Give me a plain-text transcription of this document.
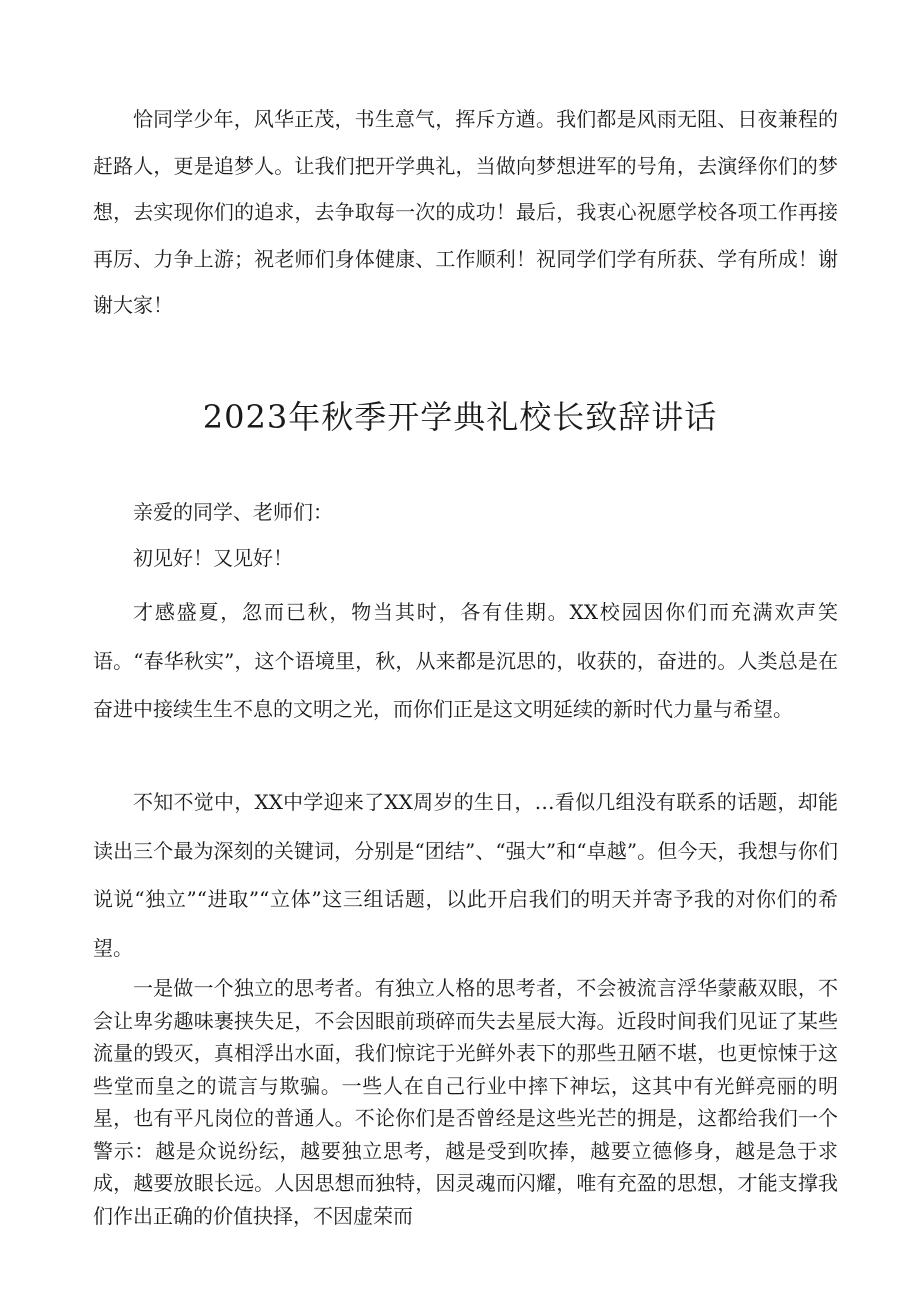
恰同学少年，风华正茂，书生意气，挥斥方遒。我们都是风雨无阻、日夜兼程的赶路人，更是追梦人。让我们把开学典礼，当做向梦想进军的号角，去演绎你们的梦想，去实现你们的追求，去争取每一次的成功！最后，我衷心祝愿学校各项工作再接再厉、力争上游；祝老师们身体健康、工作顺利！祝同学们学有所获、学有所成！谢谢大家！

2023年秋季开学典礼校长致辞讲话

亲爱的同学、老师们：

初见好！又见好！

才感盛夏，忽而已秋，物当其时，各有佳期。XX校园因你们而充满欢声笑语。“春华秋实”，这个语境里，秋，从来都是沉思的，收获的，奋进的。人类总是在奋进中接续生生不息的文明之光，而你们正是这文明延续的新时代力量与希望。

不知不觉中，XX中学迎来了XX周岁的生日，…看似几组没有联系的话题，却能读出三个最为深刻的关键词，分别是“团结”、“强大”和“卓越”。但今天，我想与你们说说“独立”“进取”“立体”这三组话题，以此开启我们的明天并寄予我的对你们的希望。

一是做一个独立的思考者。有独立人格的思考者，不会被流言浮华蒙蔽双眼，不会让卑劣趣味裹挟失足，不会因眼前琐碎而失去星辰大海。近段时间我们见证了某些流量的毁灭，真相浮出水面，我们惊诧于光鲜外表下的那些丑陋不堪，也更惊悚于这些堂而皇之的谎言与欺骗。一些人在自己行业中摔下神坛，这其中有光鲜亮丽的明星，也有平凡岗位的普通人。不论你们是否曾经是这些光芒的拥是，这都给我们一个警示：越是众说纷纭，越要独立思考，越是受到吹捧，越要立德修身，越是急于求成，越要放眼长远。人因思想而独特，因灵魂而闪耀，唯有充盈的思想，才能支撑我们作出正确的价值抉择，不因虚荣而
